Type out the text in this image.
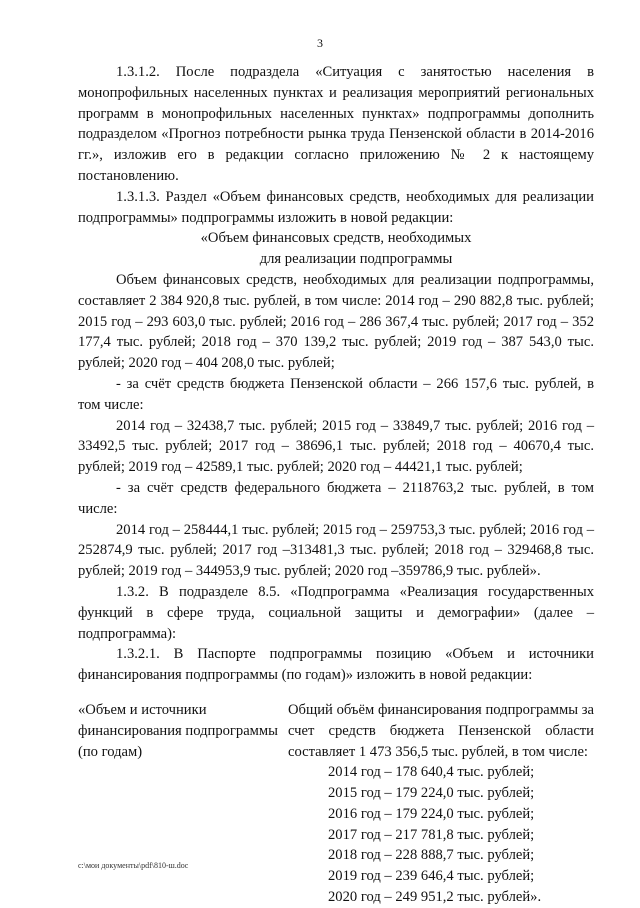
3

1.3.1.2. После подраздела «Ситуация с занятостью населения в монопрофильных населенных пунктах и реализация мероприятий региональных программ в монопрофильных населенных пунктах» подпрограммы дополнить подразделом «Прогноз потребности рынка труда Пензенской области в 2014-2016 гг.», изложив его в редакции согласно приложению № 2 к настоящему постановлению.

1.3.1.3. Раздел «Объем финансовых средств, необходимых для реализации подпрограммы» подпрограммы изложить в новой редакции:

«Объем финансовых средств, необходимых

для реализации подпрограммы

Объем финансовых средств, необходимых для реализации подпрограммы, составляет 2 384 920,8 тыс. рублей, в том числе: 2014 год – 290 882,8 тыс. рублей; 2015 год – 293 603,0 тыс. рублей; 2016 год – 286 367,4 тыс. рублей; 2017 год – 352 177,4 тыс. рублей; 2018 год – 370 139,2 тыс. рублей; 2019 год – 387 543,0 тыс. рублей; 2020 год – 404 208,0 тыс. рублей;

- за счёт средств бюджета Пензенской области – 266 157,6 тыс. рублей, в том числе:

2014 год – 32438,7 тыс. рублей; 2015 год – 33849,7 тыс. рублей; 2016 год – 33492,5 тыс. рублей; 2017 год – 38696,1 тыс. рублей; 2018 год – 40670,4 тыс. рублей; 2019 год – 42589,1 тыс. рублей; 2020 год – 44421,1 тыс. рублей;

- за счёт средств федерального бюджета – 2118763,2 тыс. рублей, в том числе:

2014 год – 258444,1 тыс. рублей; 2015 год – 259753,3 тыс. рублей; 2016 год – 252874,9 тыс. рублей; 2017 год –313481,3 тыс. рублей; 2018 год – 329468,8 тыс. рублей; 2019 год – 344953,9 тыс. рублей; 2020 год –359786,9 тыс. рублей».

1.3.2. В подразделе 8.5. «Подпрограмма «Реализация государственных функций в сфере труда, социальной защиты и демографии» (далее – подпрограмма):

1.3.2.1. В Паспорте подпрограммы позицию «Объем и источники финансирования подпрограммы (по годам)» изложить в новой редакции:

«Объем и источники финансирования подпрограммы (по годам)

Общий объём финансирования подпрограммы за счет средств бюджета Пензенской области составляет 1 473 356,5 тыс. рублей, в том числе:

2014 год – 178 640,4 тыс. рублей;
2015 год – 179 224,0 тыс. рублей;
2016 год – 179 224,0 тыс. рублей;
2017 год – 217 781,8 тыс. рублей;
2018 год – 228 888,7 тыс. рублей;
2019 год – 239 646,4 тыс. рублей;
2020 год – 249 951,2 тыс. рублей».
c:\мои документы\pdf\810-ш.doc
